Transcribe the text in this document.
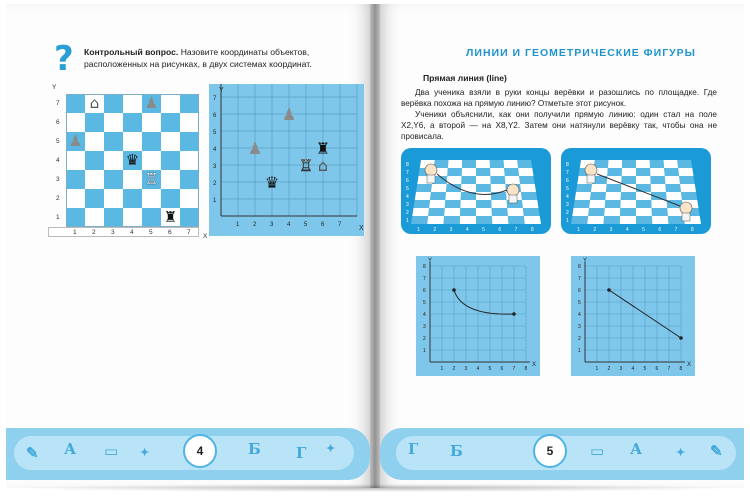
? Контрольный вопрос. Назовите координаты объектов, расположенных на рисунках, в двух системах координат.
Y
X
1
2
3
4
5
6
7
1 2 3 4 5 6 7
⌂	♟
♟
♛
♖
♜
Y
X
1
2
3
4
5
6
7
1 2 3 4 5 6 7
♟
♟	♜
♖ ⌂
♛
ЛИНИИ И ГЕОМЕТРИЧЕСКИЕ ФИГУРЫ
Прямая линия (line)

Два ученика взяли в руки концы верёвки и разошлись по площадке. Где верёвка похожа на прямую линию? Отметьте этот рисунок.

Ученики объяснили, как они получили прямую линию: один стал на поле X2,Y6, а второй — на X8,Y2. Затем они натянули верёвку так, чтобы она не провисала.

1	2	3	4	5	6	7	8
1
2
3
4
5
6
7
8
1	2	3	4	5	6	7	8
1
2
3
4
5
6
7
8
Y
X
1
2
3
4
5
6
7
8
1 2 3 4 5 6 7 8
Y
X
1
2
3
4
5
6
7
8
1 2 3 4 5 6 7 8
✎ А ▭ ✦	Б Г ✦	Г Б	▭ А	✦ ✎
4	5
